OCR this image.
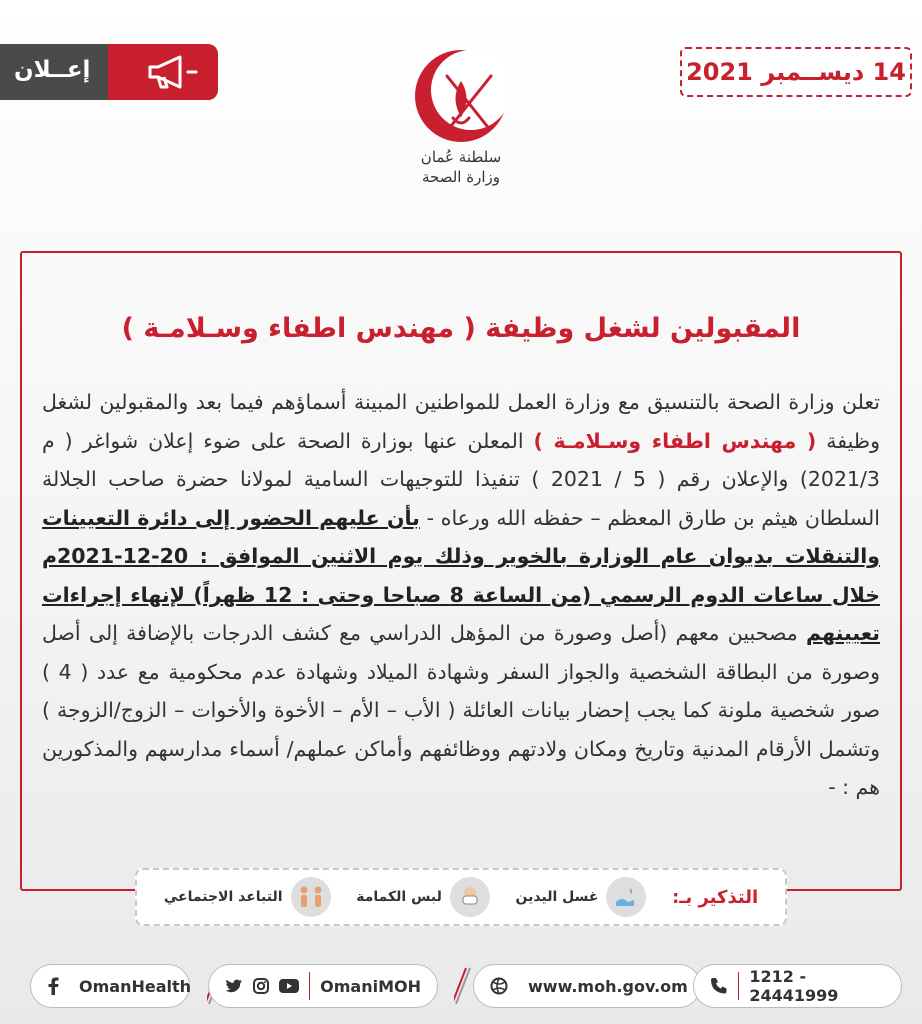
إعــلان	14 ديســمبر 2021
سلطنة عُمان
وزارة الصحة
المقبولين لشغل وظيفة ( مهندس اطفاء وسـلامـة )
تعلن وزارة الصحة بالتنسيق مع وزارة العمل للمواطنين المبينة أسماؤهم فيما بعد والمقبولين لشغل وظيفة ( مهندس اطفاء وسـلامـة ) المعلن عنها بوزارة الصحة على ضوء إعلان شواغر ( م 2021/3) والإعلان رقم ( 5 / 2021 ) تنفيذا للتوجيهات السامية لمولانا حضرة صاحب الجلالة السلطان هيثم بن طارق المعظم – حفظه الله ورعاه - بأن عليهم الحضور إلى دائرة التعيينات والتنقلات بديوان عام الوزارة بالخوير وذلك يوم الاثنين الموافق : 20-12-2021م خلال ساعات الدوم الرسمي (من الساعة 8 صباحا وحتى : 12 ظهراً) لإنهاء إجراءات تعيينهم مصحبين معهم (أصل وصورة من المؤهل الدراسي مع كشف الدرجات بالإضافة إلى أصل وصورة من البطاقة الشخصية والجواز السفر وشهادة الميلاد وشهادة عدم محكومية مع عدد ( 4 ) صور شخصية ملونة كما يجب إحضار بيانات العائلة ( الأب – الأم – الأخوة والأخوات – الزوج/الزوجة ) وتشمل الأرقام المدنية وتاريخ ومكان ولادتهم ووظائفهم وأماكن عملهم/ أسماء مدارسهم والمذكورين هم : -
التذكير بـ:
غسل اليدين
لبس الكمامة
التباعد الاجتماعي
OmanHealth	OmaniMOH	www.moh.gov.om	1212 - 24441999
